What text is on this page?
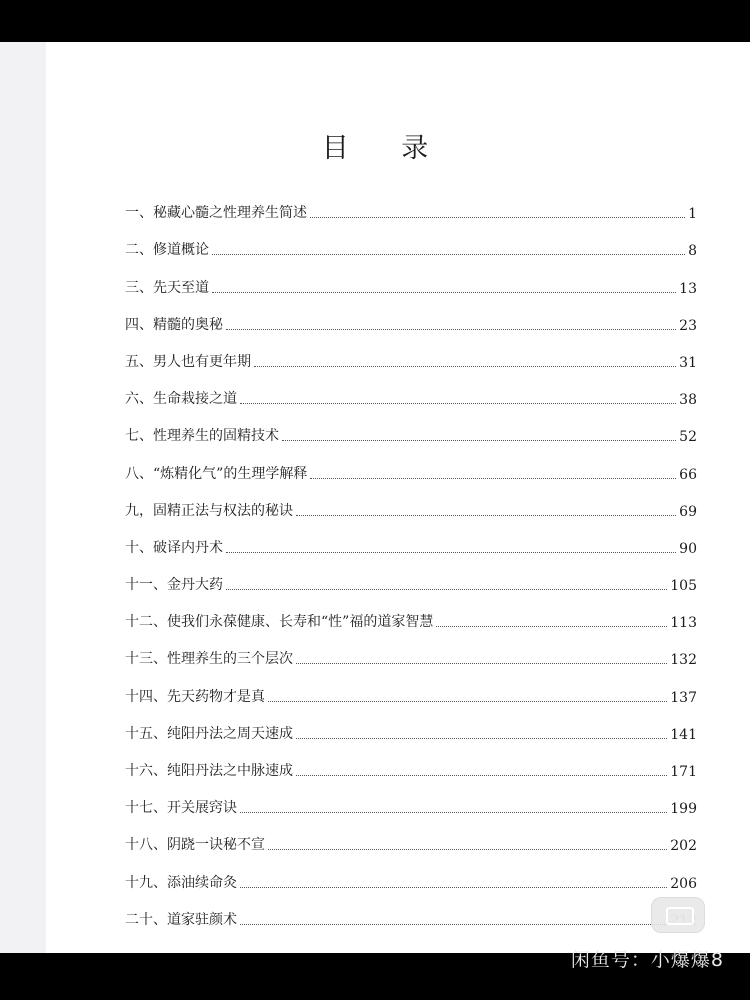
目 录
一、秘藏心髓之性理养生简述	1
二、修道概论	8
三、先天至道	13
四、精髓的奥秘	23
五、男人也有更年期	31
六、生命栽接之道	38
七、性理养生的固精技术	52
八、“炼精化气”的生理学解释	66
九，固精正法与权法的秘诀	69
十、破译内丹术	90
十一、金丹大药	105
十二、使我们永葆健康、长寿和“性”福的道家智慧	113
十三、性理养生的三个层次	132
十四、先天药物才是真	137
十五、纯阳丹法之周天速成	141
十六、纯阳丹法之中脉速成	171
十七、开关展窍诀	199
十八、阴跷一诀秘不宣	202
十九、添油续命灸	206
二十、道家驻颜术
闲鱼号：小爆爆8
